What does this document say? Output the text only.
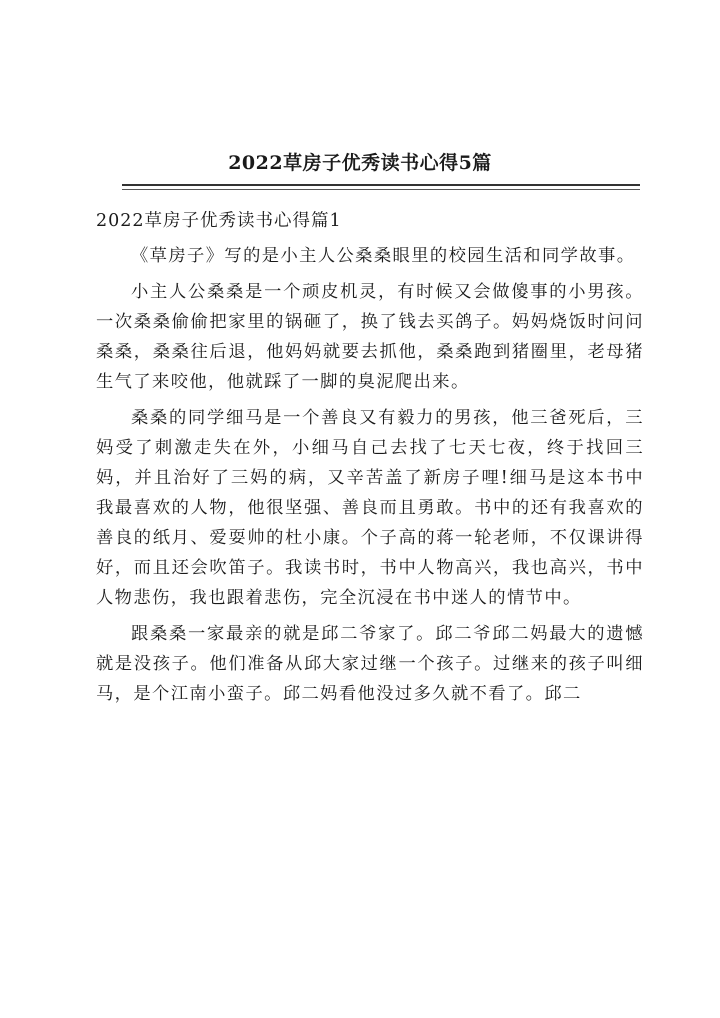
2022草房子优秀读书心得5篇
2022草房子优秀读书心得篇1

《草房子》写的是小主人公桑桑眼里的校园生活和同学故事。

小主人公桑桑是一个顽皮机灵，有时候又会做傻事的小男孩。一次桑桑偷偷把家里的锅砸了，换了钱去买鸽子。妈妈烧饭时问问桑桑，桑桑往后退，他妈妈就要去抓他，桑桑跑到猪圈里，老母猪生气了来咬他，他就踩了一脚的臭泥爬出来。

桑桑的同学细马是一个善良又有毅力的男孩，他三爸死后，三妈受了刺激走失在外，小细马自己去找了七天七夜，终于找回三妈，并且治好了三妈的病，又辛苦盖了新房子哩!细马是这本书中我最喜欢的人物，他很坚强、善良而且勇敢。书中的还有我喜欢的善良的纸月、爱耍帅的杜小康。个子高的蒋一轮老师，不仅课讲得好，而且还会吹笛子。我读书时，书中人物高兴，我也高兴，书中人物悲伤，我也跟着悲伤，完全沉浸在书中迷人的情节中。

跟桑桑一家最亲的就是邱二爷家了。邱二爷邱二妈最大的遗憾就是没孩子。他们准备从邱大家过继一个孩子。过继来的孩子叫细马，是个江南小蛮子。邱二妈看他没过多久就不看了。邱二
